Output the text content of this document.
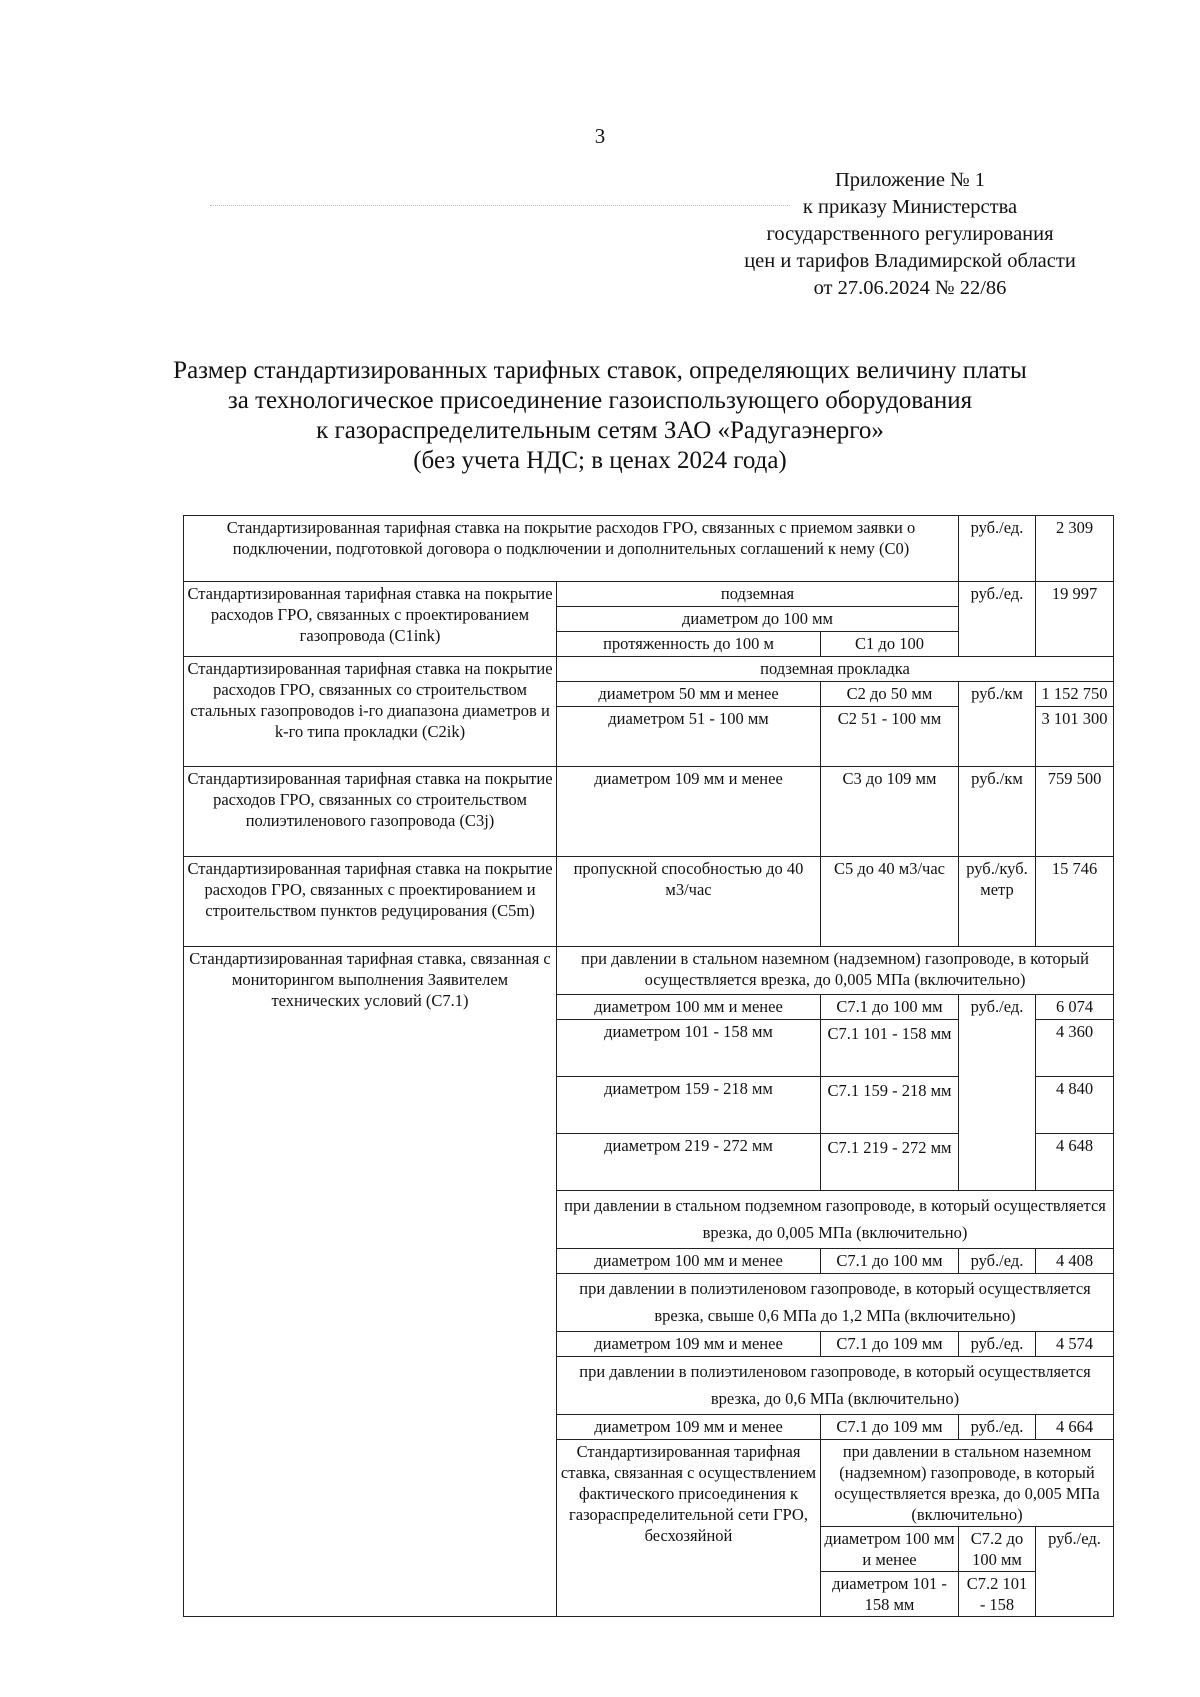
3
Приложение № 1
к приказу Министерства
государственного регулирования
цен и тарифов Владимирской области
от 27.06.2024 № 22/86
Размер стандартизированных тарифных ставок, определяющих величину платы
за технологическое присоединение газоиспользующего оборудования
к газораспределительным сетям ЗАО «Радугаэнерго»
(без учета НДС; в ценах 2024 года)
Стандартизированная тарифная ставка на покрытие расходов ГРО, связанных с приемом заявки о подключении, подготовкой договора о подключении и дополнительных соглашений к нему (С0)			руб./ед.	2 309	
Стандартизированная тарифная ставка на покрытие расходов ГРО, связанных с проектированием газопровода (C1ink)	подземная		руб./ед.	19 997	
	диаметром до 100 мм				
	протяженность до 100 м	С1 до 100			
Стандартизированная тарифная ставка на покрытие расходов ГРО, связанных со строительством стальных газопроводов i-го диапазона диаметров и k-го типа прокладки (С2ik)	подземная прокладка				
	диаметром 50 мм и менее	С2 до 50 мм	руб./км	1 152 750	
	диаметром 51 - 100 мм	С2 51 - 100 мм		3 101 300	
Стандартизированная тарифная ставка на покрытие расходов ГРО, связанных со строительством полиэтиленового газопровода (С3j)	диаметром 109 мм и менее	С3 до 109 мм	руб./км	759 500	
Стандартизированная тарифная ставка на покрытие расходов ГРО, связанных с проектированием и строительством пунктов редуцирования (С5m)	пропускной способностью до 40 м3/час	С5 до 40 м3/час	руб./куб. метр	15 746	
Стандартизированная тарифная ставка, связанная с мониторингом выполнения Заявителем технических условий (С7.1)	при давлении в стальном наземном (надземном) газопроводе, в который осуществляется врезка, до 0,005 МПа (включительно)				
	диаметром 100 мм и менее	С7.1 до 100 мм	руб./ед.	6 074	
	диаметром 101 - 158 мм	С7.1 101 - 158 мм		4 360	
	диаметром 159 - 218 мм	С7.1 159 - 218 мм		4 840	
	диаметром 219 - 272 мм	С7.1 219 - 272 мм		4 648	
	при давлении в стальном подземном газопроводе, в который осуществляется врезка, до 0,005 МПа (включительно)				
	диаметром 100 мм и менее	С7.1 до 100 мм	руб./ед.	4 408	
	при давлении в полиэтиленовом газопроводе, в который осуществляется врезка, свыше 0,6 МПа до 1,2 МПа (включительно)				
	диаметром 109 мм и менее	С7.1 до 109 мм	руб./ед.	4 574	
	при давлении в полиэтиленовом газопроводе, в который осуществляется врезка, до 0,6 МПа (включительно)				
	диаметром 109 мм и менее	С7.1 до 109 мм	руб./ед.	4 664	
	Стандартизированная тарифная ставка, связанная с осуществлением фактического присоединения к газораспределительной сети ГРО, бесхозяйной	при давлении в стальном наземном (надземном) газопроводе, в который осуществляется врезка, до 0,005 МПа (включительно)			
		диаметром 100 мм и менее	С7.2 до 100 мм	руб./ед.	
		диаметром 101 - 158 мм	С7.2 101 - 158	
